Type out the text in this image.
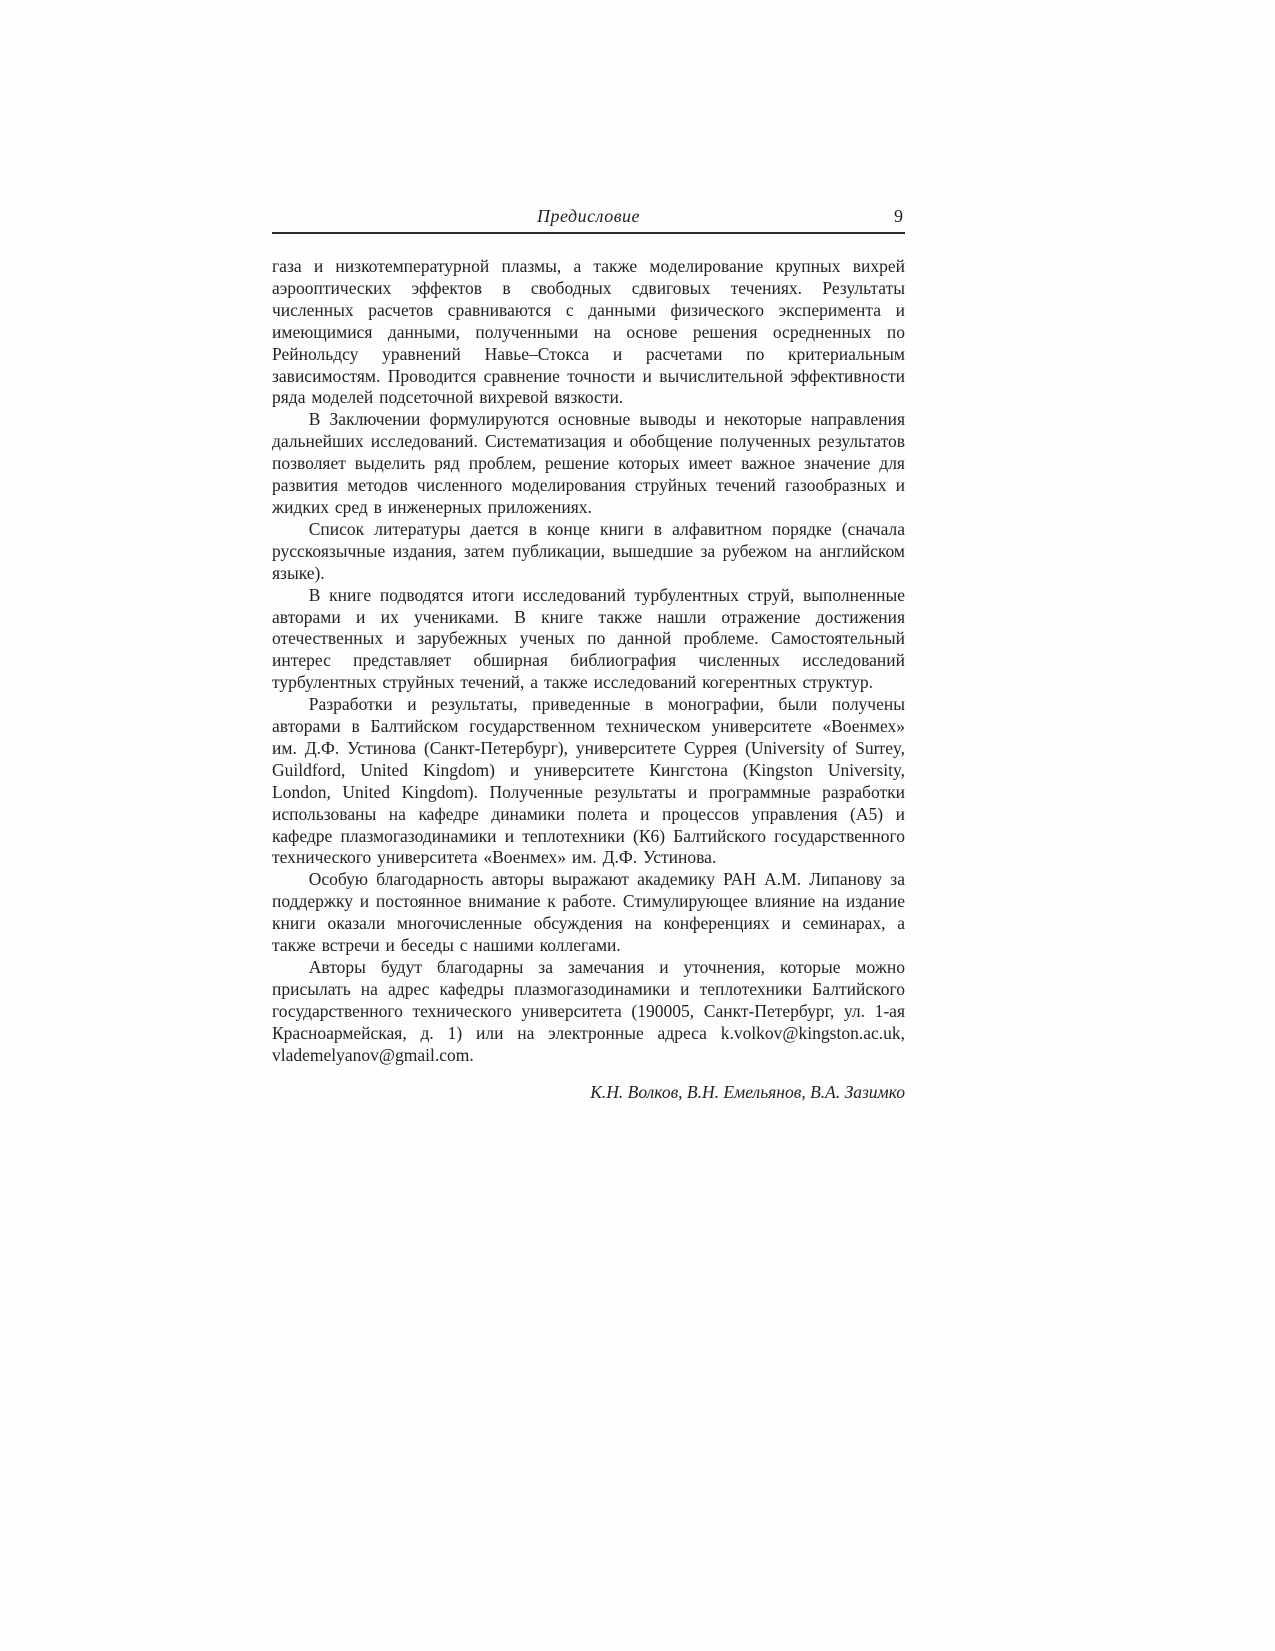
Предисловие	9

газа и низкотемпературной плазмы, а также моделирование крупных вихрей аэрооптических эффектов в свободных сдвиговых течениях. Результаты численных расчетов сравниваются с данными физического эксперимента и имеющимися данными, полученными на основе решения осредненных по Рейнольдсу уравнений Навье–Стокса и расчетами по критериальным зависимостям. Проводится сравнение точности и вычислительной эффективности ряда моделей подсеточной вихревой вязкости.

В Заключении формулируются основные выводы и некоторые направления дальнейших исследований. Систематизация и обобщение полученных результатов позволяет выделить ряд проблем, решение которых имеет важное значение для развития методов численного моделирования струйных течений газообразных и жидких сред в инженерных приложениях.

Список литературы дается в конце книги в алфавитном порядке (сначала русскоязычные издания, затем публикации, вышедшие за рубежом на английском языке).

В книге подводятся итоги исследований турбулентных струй, выполненные авторами и их учениками. В книге также нашли отражение достижения отечественных и зарубежных ученых по данной проблеме. Самостоятельный интерес представляет обширная библиография численных исследований турбулентных струйных течений, а также исследований когерентных структур.

Разработки и результаты, приведенные в монографии, были получены авторами в Балтийском государственном техническом университете «Военмех» им. Д.Ф. Устинова (Санкт-Петербург), университете Суррея (University of Surrey, Guildford, United Kingdom) и университете Кингстона (Kingston University, London, United Kingdom). Полученные результаты и программные разработки использованы на кафедре динамики полета и процессов управления (А5) и кафедре плазмогазодинамики и теплотехники (К6) Балтийского государственного технического университета «Военмех» им. Д.Ф. Устинова.

Особую благодарность авторы выражают академику РАН А.М. Липанову за поддержку и постоянное внимание к работе. Стимулирующее влияние на издание книги оказали многочисленные обсуждения на конференциях и семинарах, а также встречи и беседы с нашими коллегами.

Авторы будут благодарны за замечания и уточнения, которые можно присылать на адрес кафедры плазмогазодинамики и теплотехники Балтийского государственного технического университета (190005, Санкт-Петербург, ул. 1-ая Красноармейская, д. 1) или на электронные адреса k.volkov@kingston.ac.uk, vlademelyanov@gmail.com.

К.Н. Волков, В.Н. Емельянов, В.А. Зазимко
